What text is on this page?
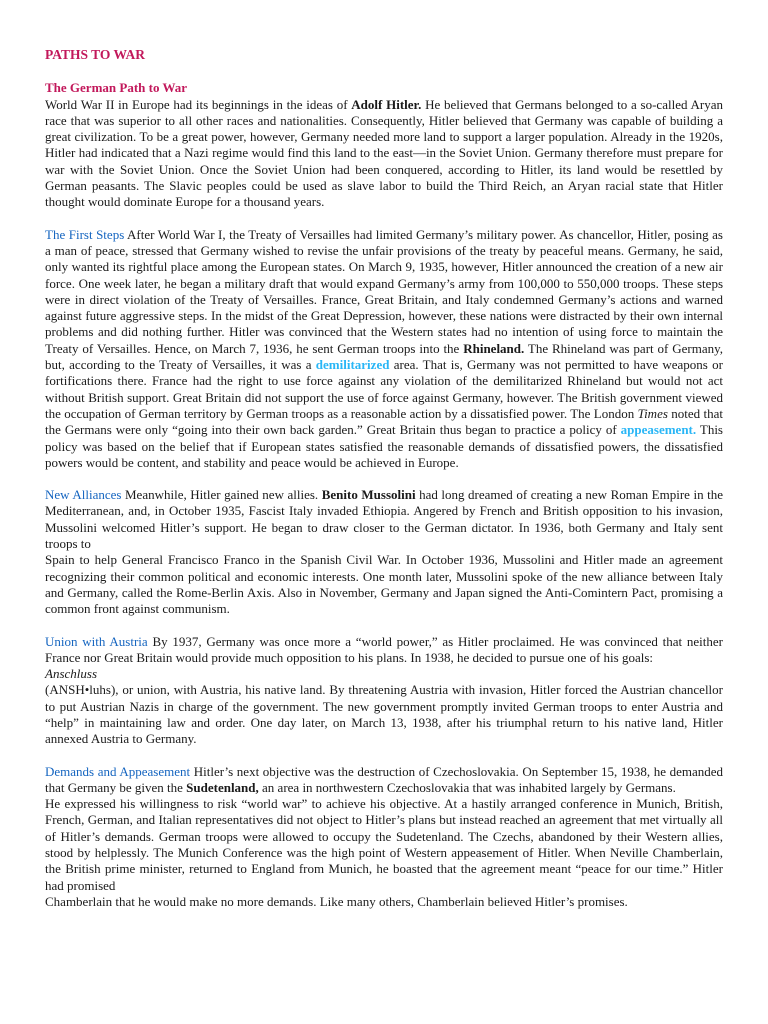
PATHS TO WAR
The German Path to War

World War II in Europe had its beginnings in the ideas of Adolf Hitler. He believed that Germans belonged to a so-called Aryan race that was superior to all other races and nationalities. Consequently, Hitler believed that Germany was capable of building a great civilization. To be a great power, however, Germany needed more land to support a larger population. Already in the 1920s, Hitler had indicated that a Nazi regime would find this land to the east—in the Soviet Union. Germany therefore must prepare for war with the Soviet Union. Once the Soviet Union had been conquered, according to Hitler, its land would be resettled by German peasants. The Slavic peoples could be used as slave labor to build the Third Reich, an Aryan racial state that Hitler thought would dominate Europe for a thousand years.

The First Steps After World War I, the Treaty of Versailles had limited Germany’s military power. As chancellor, Hitler, posing as a man of peace, stressed that Germany wished to revise the unfair provisions of the treaty by peaceful means. Germany, he said, only wanted its rightful place among the European states. On March 9, 1935, however, Hitler announced the creation of a new air force. One week later, he began a military draft that would expand Germany’s army from 100,000 to 550,000 troops. These steps were in direct violation of the Treaty of Versailles. France, Great Britain, and Italy condemned Germany’s actions and warned against future aggressive steps. In the midst of the Great Depression, however, these nations were distracted by their own internal problems and did nothing further. Hitler was convinced that the Western states had no intention of using force to maintain the Treaty of Versailles. Hence, on March 7, 1936, he sent German troops into the Rhineland. The Rhineland was part of Germany, but, according to the Treaty of Versailles, it was a demilitarized area. That is, Germany was not permitted to have weapons or fortifications there. France had the right to use force against any violation of the demilitarized Rhineland but would not act without British support. Great Britain did not support the use of force against Germany, however. The British government viewed the occupation of German territory by German troops as a reasonable action by a dissatisfied power. The London Times noted that the Germans were only “going into their own back garden.” Great Britain thus began to practice a policy of appeasement. This policy was based on the belief that if European states satisfied the reasonable demands of dissatisfied powers, the dissatisfied powers would be content, and stability and peace would be achieved in Europe.

New Alliances Meanwhile, Hitler gained new allies. Benito Mussolini had long dreamed of creating a new Roman Empire in the Mediterranean, and, in October 1935, Fascist Italy invaded Ethiopia. Angered by French and British opposition to his invasion, Mussolini welcomed Hitler’s support. He began to draw closer to the German dictator. In 1936, both Germany and Italy sent troops to

Spain to help General Francisco Franco in the Spanish Civil War. In October 1936, Mussolini and Hitler made an agreement recognizing their common political and economic interests. One month later, Mussolini spoke of the new alliance between Italy and Germany, called the Rome-Berlin Axis. Also in November, Germany and Japan signed the Anti-Comintern Pact, promising a common front against communism.

Union with Austria By 1937, Germany was once more a “world power,” as Hitler proclaimed. He was convinced that neither France nor Great Britain would provide much opposition to his plans. In 1938, he decided to pursue one of his goals:

Anschluss

(ANSH•luhs), or union, with Austria, his native land. By threatening Austria with invasion, Hitler forced the Austrian chancellor to put Austrian Nazis in charge of the government. The new government promptly invited German troops to enter Austria and “help” in maintaining law and order. One day later, on March 13, 1938, after his triumphal return to his native land, Hitler annexed Austria to Germany.

Demands and Appeasement Hitler’s next objective was the destruction of Czechoslovakia. On September 15, 1938, he demanded that Germany be given the Sudetenland, an area in northwestern Czechoslovakia that was inhabited largely by Germans.

He expressed his willingness to risk “world war” to achieve his objective. At a hastily arranged conference in Munich, British, French, German, and Italian representatives did not object to Hitler’s plans but instead reached an agreement that met virtually all of Hitler’s demands. German troops were allowed to occupy the Sudetenland. The Czechs, abandoned by their Western allies, stood by helplessly. The Munich Conference was the high point of Western appeasement of Hitler. When Neville Chamberlain, the British prime minister, returned to England from Munich, he boasted that the agreement meant “peace for our time.” Hitler had promised

Chamberlain that he would make no more demands. Like many others, Chamberlain believed Hitler’s promises.
